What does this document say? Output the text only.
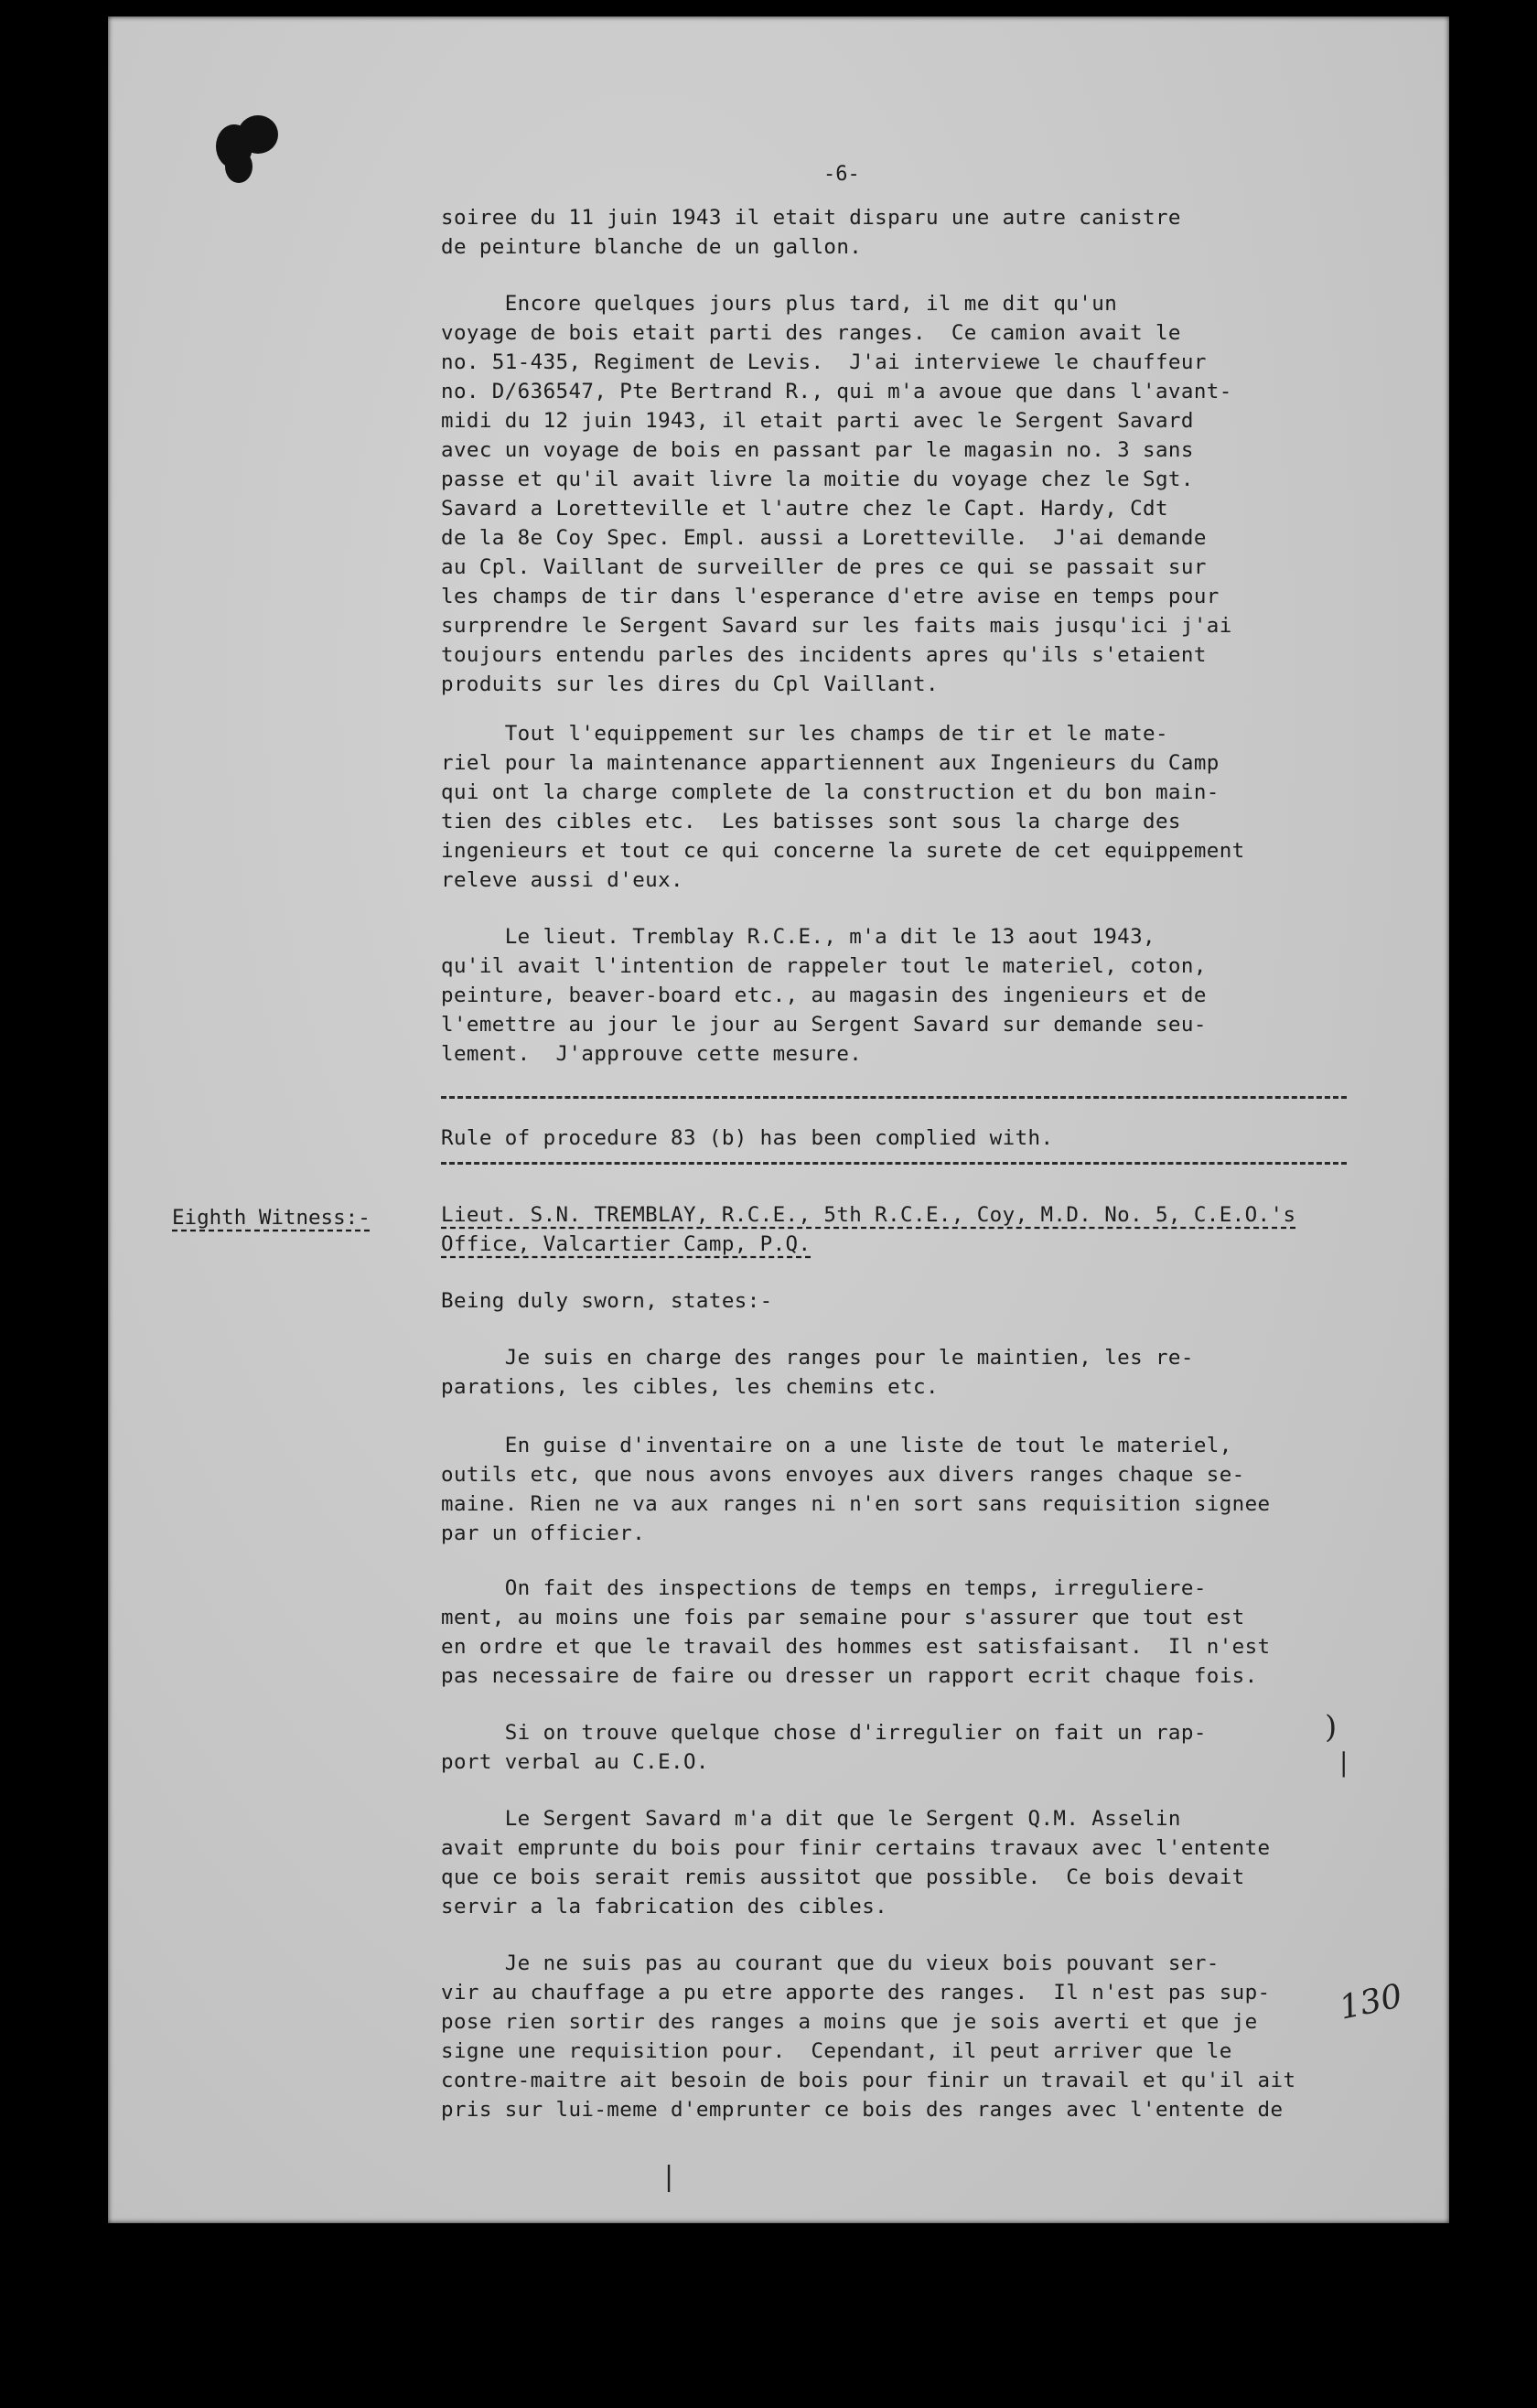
-6-
soiree du 11 juin 1943 il etait disparu une autre canistre
de peinture blanche de un gallon.
Encore quelques jours plus tard, il me dit qu'un
voyage de bois etait parti des ranges.  Ce camion avait le
no. 51-435, Regiment de Levis.  J'ai interviewe le chauffeur
no. D/636547, Pte Bertrand R., qui m'a avoue que dans l'avant-
midi du 12 juin 1943, il etait parti avec le Sergent Savard
avec un voyage de bois en passant par le magasin no. 3 sans
passe et qu'il avait livre la moitie du voyage chez le Sgt.
Savard a Loretteville et l'autre chez le Capt. Hardy, Cdt
de la 8e Coy Spec. Empl. aussi a Loretteville.  J'ai demande
au Cpl. Vaillant de surveiller de pres ce qui se passait sur
les champs de tir dans l'esperance d'etre avise en temps pour
surprendre le Sergent Savard sur les faits mais jusqu'ici j'ai
toujours entendu parles des incidents apres qu'ils s'etaient
produits sur les dires du Cpl Vaillant.
Tout l'equippement sur les champs de tir et le mate-
riel pour la maintenance appartiennent aux Ingenieurs du Camp
qui ont la charge complete de la construction et du bon main-
tien des cibles etc.  Les batisses sont sous la charge des
ingenieurs et tout ce qui concerne la surete de cet equippement
releve aussi d'eux.
Le lieut. Tremblay R.C.E., m'a dit le 13 aout 1943,
qu'il avait l'intention de rappeler tout le materiel, coton,
peinture, beaver-board etc., au magasin des ingenieurs et de
l'emettre au jour le jour au Sergent Savard sur demande seu-
lement.  J'approuve cette mesure.
Rule of procedure 83 (b) has been complied with.
Eighth Witness:-	Lieut. S.N. TREMBLAY, R.C.E., 5th R.C.E., Coy, M.D. No. 5, C.E.O.'s
Office, Valcartier Camp, P.Q.
Being duly sworn, states:-
Je suis en charge des ranges pour le maintien, les re-
parations, les cibles, les chemins etc.
En guise d'inventaire on a une liste de tout le materiel,
outils etc, que nous avons envoyes aux divers ranges chaque se-
maine. Rien ne va aux ranges ni n'en sort sans requisition signee
par un officier.
On fait des inspections de temps en temps, irreguliere-
ment, au moins une fois par semaine pour s'assurer que tout est
en ordre et que le travail des hommes est satisfaisant.  Il n'est
pas necessaire de faire ou dresser un rapport ecrit chaque fois.
Si on trouve quelque chose d'irregulier on fait un rap-
port verbal au C.E.O.
Le Sergent Savard m'a dit que le Sergent Q.M. Asselin
avait emprunte du bois pour finir certains travaux avec l'entente
que ce bois serait remis aussitot que possible.  Ce bois devait
servir a la fabrication des cibles.
Je ne suis pas au courant que du vieux bois pouvant ser-
vir au chauffage a pu etre apporte des ranges.  Il n'est pas sup-
pose rien sortir des ranges a moins que je sois averti et que je
signe une requisition pour.  Cependant, il peut arriver que le
contre-maitre ait besoin de bois pour finir un travail et qu'il ait
pris sur lui-meme d'emprunter ce bois des ranges avec l'entente de
)
|
130
|
